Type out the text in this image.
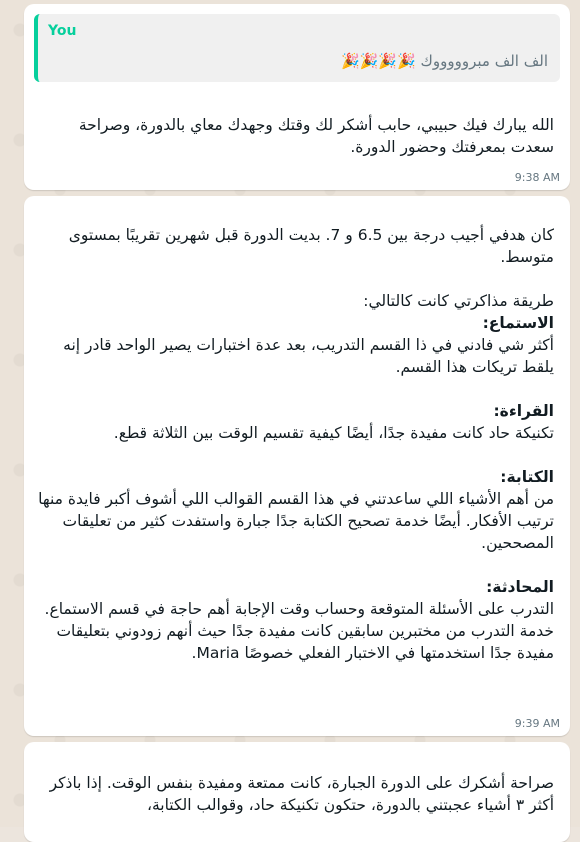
You
الف الف مبروووووك 🎉🎉🎉🎉

الله يبارك فيك حبيبي، حابب أشكر لك وقتك وجهدك معاي بالدورة، وصراحة سعدت بمعرفتك وحضور الدورة.

9:38 AM

كان هدفي أجيب درجة بين 6.5 و 7. بديت الدورة قبل شهرين تقريبًا بمستوى متوسط.

طريقة مذاكرتي كانت كالتالي:

الاستماع:

أكثر شي فادني في ذا القسم التدريب، بعد عدة اختبارات يصير الواحد قادر إنه يلقط تريكات هذا القسم.

القراءة:

تكنيكة حاد كانت مفيدة جدًا، أيضًا كيفية تقسيم الوقت بين الثلاثة قطع.

الكتابة:

من أهم الأشياء اللي ساعدتني في هذا القسم القوالب اللي أشوف أكبر فايدة منها ترتيب الأفكار. أيضًا خدمة تصحيح الكتابة جدًا جبارة واستفدت كثير من تعليقات المصححين.

المحادثة:

التدرب على الأسئلة المتوقعة وحساب وقت الإجابة أهم حاجة في قسم الاستماع. خدمة التدرب من مختبرين سابقين كانت مفيدة جدًا حيث أنهم زودوني بتعليقات مفيدة جدًا استخدمتها في الاختبار الفعلي خصوصًا Maria.

9:39 AM

صراحة أشكرك على الدورة الجبارة، كانت ممتعة ومفيدة بنفس الوقت. إذا باذكر أكثر ٣ أشياء عجبتني بالدورة، حتكون تكنيكة حاد، وقوالب الكتابة،
